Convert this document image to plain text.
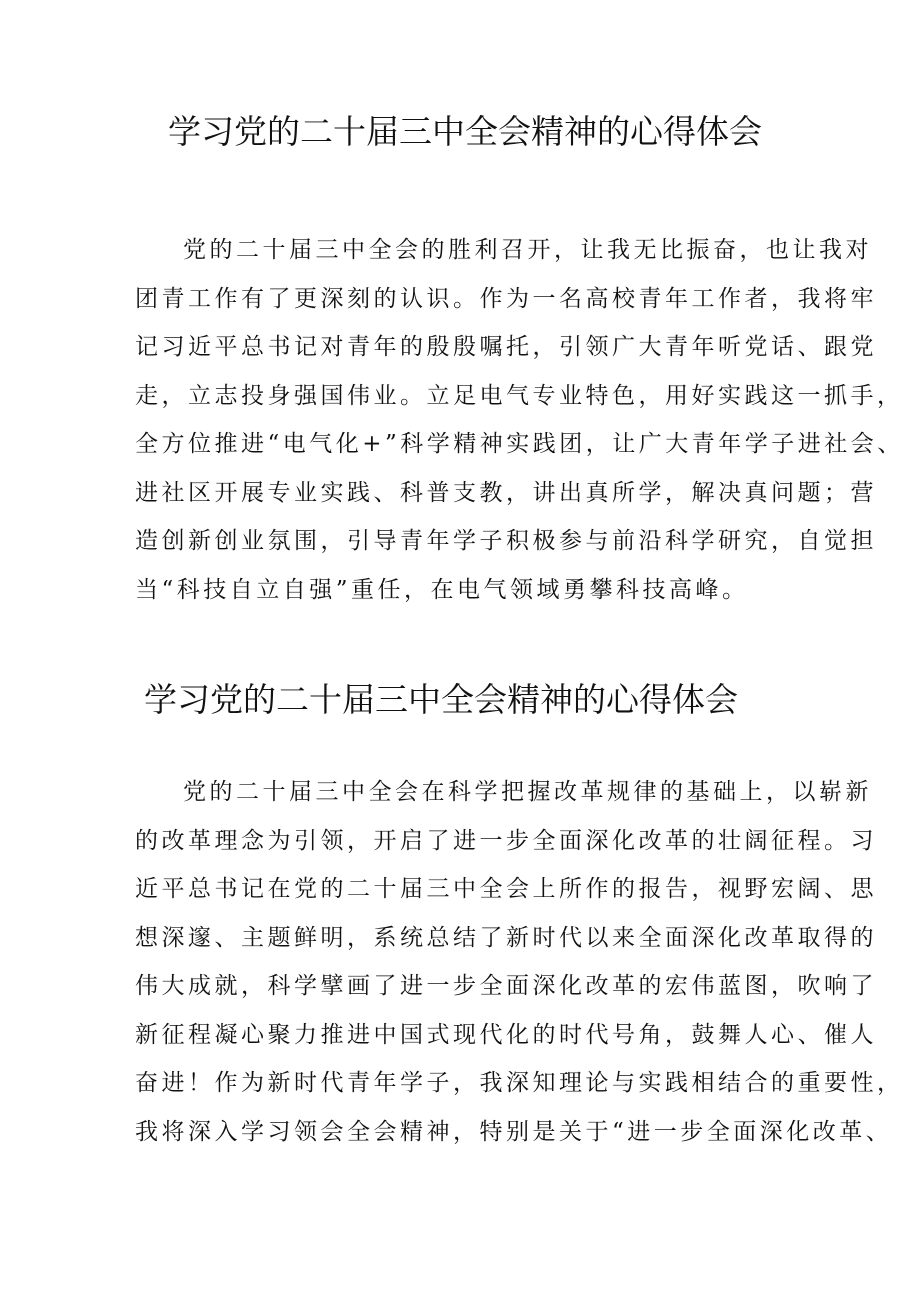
学习党的二十届三中全会精神的心得体会
党的二十届三中全会的胜利召开，让我无比振奋，也让我对
团青工作有了更深刻的认识。作为一名高校青年工作者，我将牢
记习近平总书记对青年的殷殷嘱托，引领广大青年听党话、跟党
走，立志投身强国伟业。立足电气专业特色，用好实践这一抓手，
全方位推进“电气化+”科学精神实践团，让广大青年学子进社会、
进社区开展专业实践、科普支教，讲出真所学，解决真问题；营
造创新创业氛围，引导青年学子积极参与前沿科学研究，自觉担
当“科技自立自强”重任，在电气领域勇攀科技高峰。
学习党的二十届三中全会精神的心得体会
党的二十届三中全会在科学把握改革规律的基础上，以崭新
的改革理念为引领，开启了进一步全面深化改革的壮阔征程。习
近平总书记在党的二十届三中全会上所作的报告，视野宏阔、思
想深邃、主题鲜明，系统总结了新时代以来全面深化改革取得的
伟大成就，科学擘画了进一步全面深化改革的宏伟蓝图，吹响了
新征程凝心聚力推进中国式现代化的时代号角，鼓舞人心、催人
奋进！作为新时代青年学子，我深知理论与实践相结合的重要性，
我将深入学习领会全会精神，特别是关于“进一步全面深化改革、
